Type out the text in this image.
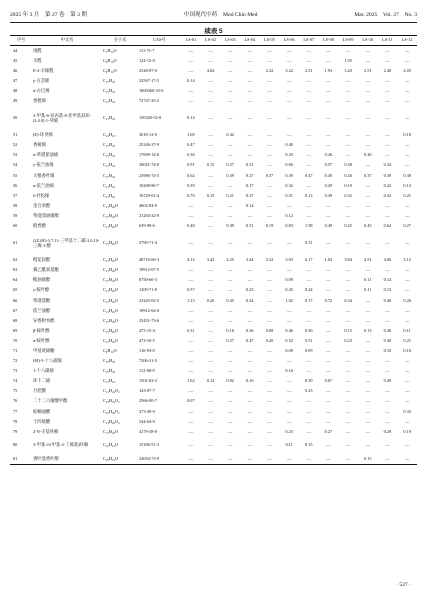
2025 年 3 月　第 27 卷　第 3 期	中国现代中药　Mod Chin Med	Mar. 2025　Vol. 27　No. 3
续表 5
序号	中文名	分子式	CAS号	LS-01	LS-02	LS-03	LS-04	LS-05	LS-06	LS-07	LS-08	LS-09	LS-10	LS-11	LS-12
44	庚醛	C₇H₁₄O	111-71-7	—	—	—	—	—	—	—	—	—	—	—	—
45	辛醛	C₈H₁₆O	124-13-0	—	—	—	—	—	—	—	—	1.95	—	—	—
46	E-2-辛烯醛	C₈H₁₄O	2548-87-0	—	4.04	—	—	2.22	3.22	2.51	1.93	3.20	2.51	2.48	2.03
47	γ-古芸烯	C₁₅H₂₄	22567-17-5	0.14	—	—	—	—	—	—	—	—	—	—	—
48	α-古巴烯	C₁₅H₂₄	1000360-33-0	—	—	—	—	—	—	—	—	—	—	—	—
49	香橙烯	C₁₅H₂₄	72747-25-2	—	—	—	—	—	—	—	—	—	—	—	—
50	3-甲基-6-异丙基-8-亚甲基双环-[4.4.0]-1-癸烯	C₁₅H₂₄	150320-52-8	0.14	—	—	—	—	—	—	—	—	—	—	—
51	(Z)-环癸烯	C₁₀H₁₈	3618-12-0	1.00	—	0.42	—	—	—	—	—	—	—	—	0.18
52	香树烯	C₁₅H₂₄	25246-27-9	0.47	—	—	—	—	0.40	—	—	—	—	—	—
53	α-荜澄茄油烯	C₁₅H₂₄	17699-14-8	0.36	—	—	—	—	0.29	—	0.26	—	0.26	—	—
54	γ-依兰油烯	C₁₅H₂₄	30021-74-0	0.91	0.15	0.27	0.31	—	0.66	—	0.57	0.38	—	0.34	—
55	大根香叶烯	C₁₅H₂₄	23986-74-5	0.62	—	0.39	0.27	0.37	0.39	0.47	0.49	0.26	0.37	0.39	0.38
56	α-依兰油烯	C₁₅H₂₄	10208-80-7	0.39	—	—	0.17	—	0.32	—	0.29	0.19	—	0.22	0.14
57	δ-杜松烯	C₁₅H₂₄	16729-01-4	0.70	0.15	0.21	0.37	—	0.51	0.13	0.39	0.32	—	0.32	0.21
58	金合欢醇	C₁₅H₂₆O	4602-84-0	—	—	—	0.14	—	—	—	—	—	—	—	—
59	荜澄茄油烯醇	C₁₅H₂₆O	21284-22-0	—	—	—	—	—	0.12	—	—	—	—	—	—
60	橙香醇	C₁₅H₂₆O	639-99-6	0.48	—	0.39	0.51	0.19	0.83	1.58	0.49	0.25	0.45	0.62	0.27
61	(2Z,6E)-3,7,11-三甲基十二碳-2,6,10-三烯-1-醇	C₁₅H₂₆O	3790-71-4	—	—	—	—	—	—	0.31	—	—	—	—	—
62	橙花叔醇	C₁₅H₂₆O	40716-66-3	4.12	3.42	4.25	3.44	3.32	5.93	6.17	1.02	3.84	4.51	4.60	3.12
63	刺乙酰氧基酯	C₁₅H₂₆O	19912-67-5	—	—	—	—	—	—	—	—	—	—	—	—
64	榄油烯醇	C₁₅H₂₆O	6750-60-3	—	—	—	—	—	0.09	—	—	—	0.11	0.14	—
65	γ-桉叶醇	C₁₅H₂₆O	1209-71-8	0.57	—	—	0.23	—	0.25	0.24	—	—	0.11	0.13	—
66	荜澄茄醇	C₁₅H₂₆O	23445-02-5	1.13	0.20	0.45	0.44	—	1.02	0.17	0.72	0.34	—	0.46	0.26
67	依兰油醇	C₁₅H₂₆O	19912-62-0	—	—	—	—	—	—	—	—	—	—	—	—
68	异香附木醇	C₁₅H₂₆O	23451-73-6	—	—	—	—	—	—	—	—	—	—	—	—
69	β-桉叶醇	C₁₅H₂₆O	473-15-4	0.31	—	0.16	0.36	0.08	0.46	0.36	—	0.15	0.13	0.26	0.11
70	α-桉叶醇	C₁₅H₂₆O	473-16-5	—	—	0.27	0.47	0.20	0.52	0.51	—	0.23	—	0.40	0.21
71	甲基庚烯酮	C₈H₁₄O	110-93-0	—	—	—	—	—	0.09	0.09	—	—	—	0.10	0.10
72	(M)-5-十八碳烯	C₁₈H₃₆	7206-21-5	—	—	—	—	—	—	—	—	—	—	—	—
73	1-十八碳烯	C₁₈H₃₆	112-88-9	—	—	—	—	—	0.16	—	—	—	—	—	—
74	环十二烯	C₁₂H₂₂	1501-82-2	1.02	0.12	0.82	0.16	—	—	0.39	0.67	—	—	0.49	—
75	月桂酸	C₁₂H₂₄O₂	143-07-7	—	—	—	—	—	—	0.23	—	—	—	—	—
76	二十二六烯酸甲酯	C₂₃H₃₄O₂	2566-90-7	0.07	—	—	—	—	—	—	—	—	—	—	—
77	棕榈油酸	C₁₆H₃₀O₂	373-49-9	—	—	—	—	—	—	—	—	—	—	—	0.33
78	十四烯酸	C₁₄H₂₆O₂	544-64-9	—	—	—	—	—	—	—	—	—	—	—	—
79	2-N-辛基呋喃	C₁₂H₂₀O	4179-38-8	—	—	—	—	—	0.25	—	0.27	—	—	0.29	0.19
80	3-甲基-2-(甲基-2-丁烯基)呋喃	C₁₀H₁₄O	15186-51-3	—	—	—	—	—	0.11	0.15	—	—	—	—	—
81	香叶基香叶醇	C₂₀H₃₄O	24034-73-9	—	—	—	—	—	—	—	—	—	0.15	—	—
· 527 ·
